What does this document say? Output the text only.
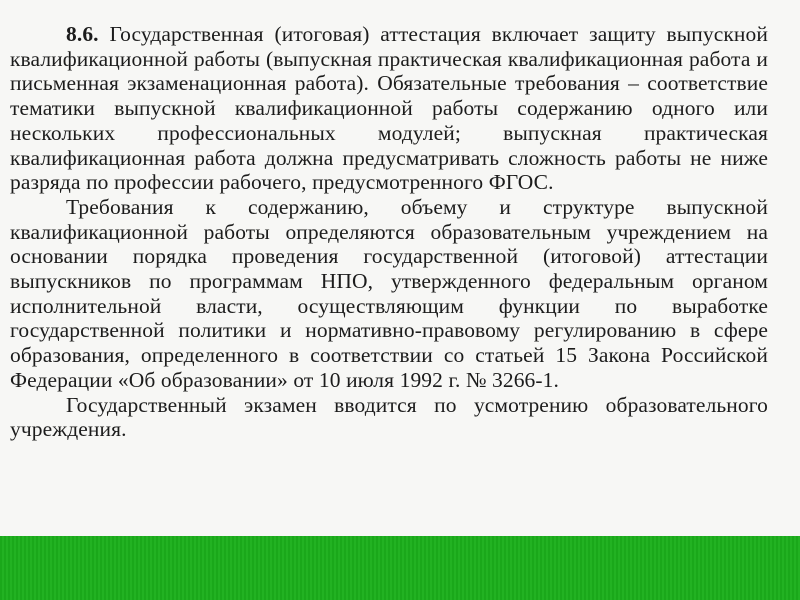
8.6. Государственная (итоговая) аттестация включает защиту выпускной квалификационной работы (выпускная практическая квалификационная работа и письменная экзаменационная работа). Обязательные требования – соответствие тематики выпускной квалификационной работы содержанию одного или нескольких профессиональных модулей; выпускная практическая квалификационная работа должна предусматривать сложность работы не ниже разряда по профессии рабочего, предусмотренного ФГОС.

Требования к содержанию, объему и структуре выпускной квалификационной работы определяются образовательным учреждением на основании порядка проведения государственной (итоговой) аттестации выпускников по программам НПО, утвержденного федеральным органом исполнительной власти, осуществляющим функции по выработке государственной политики и нормативно-правовому регулированию в сфере образования, определенного в соответствии со статьей 15 Закона Российской Федерации «Об образовании» от 10 июля 1992 г. № 3266-1.

Государственный экзамен вводится по усмотрению образовательного учреждения.
